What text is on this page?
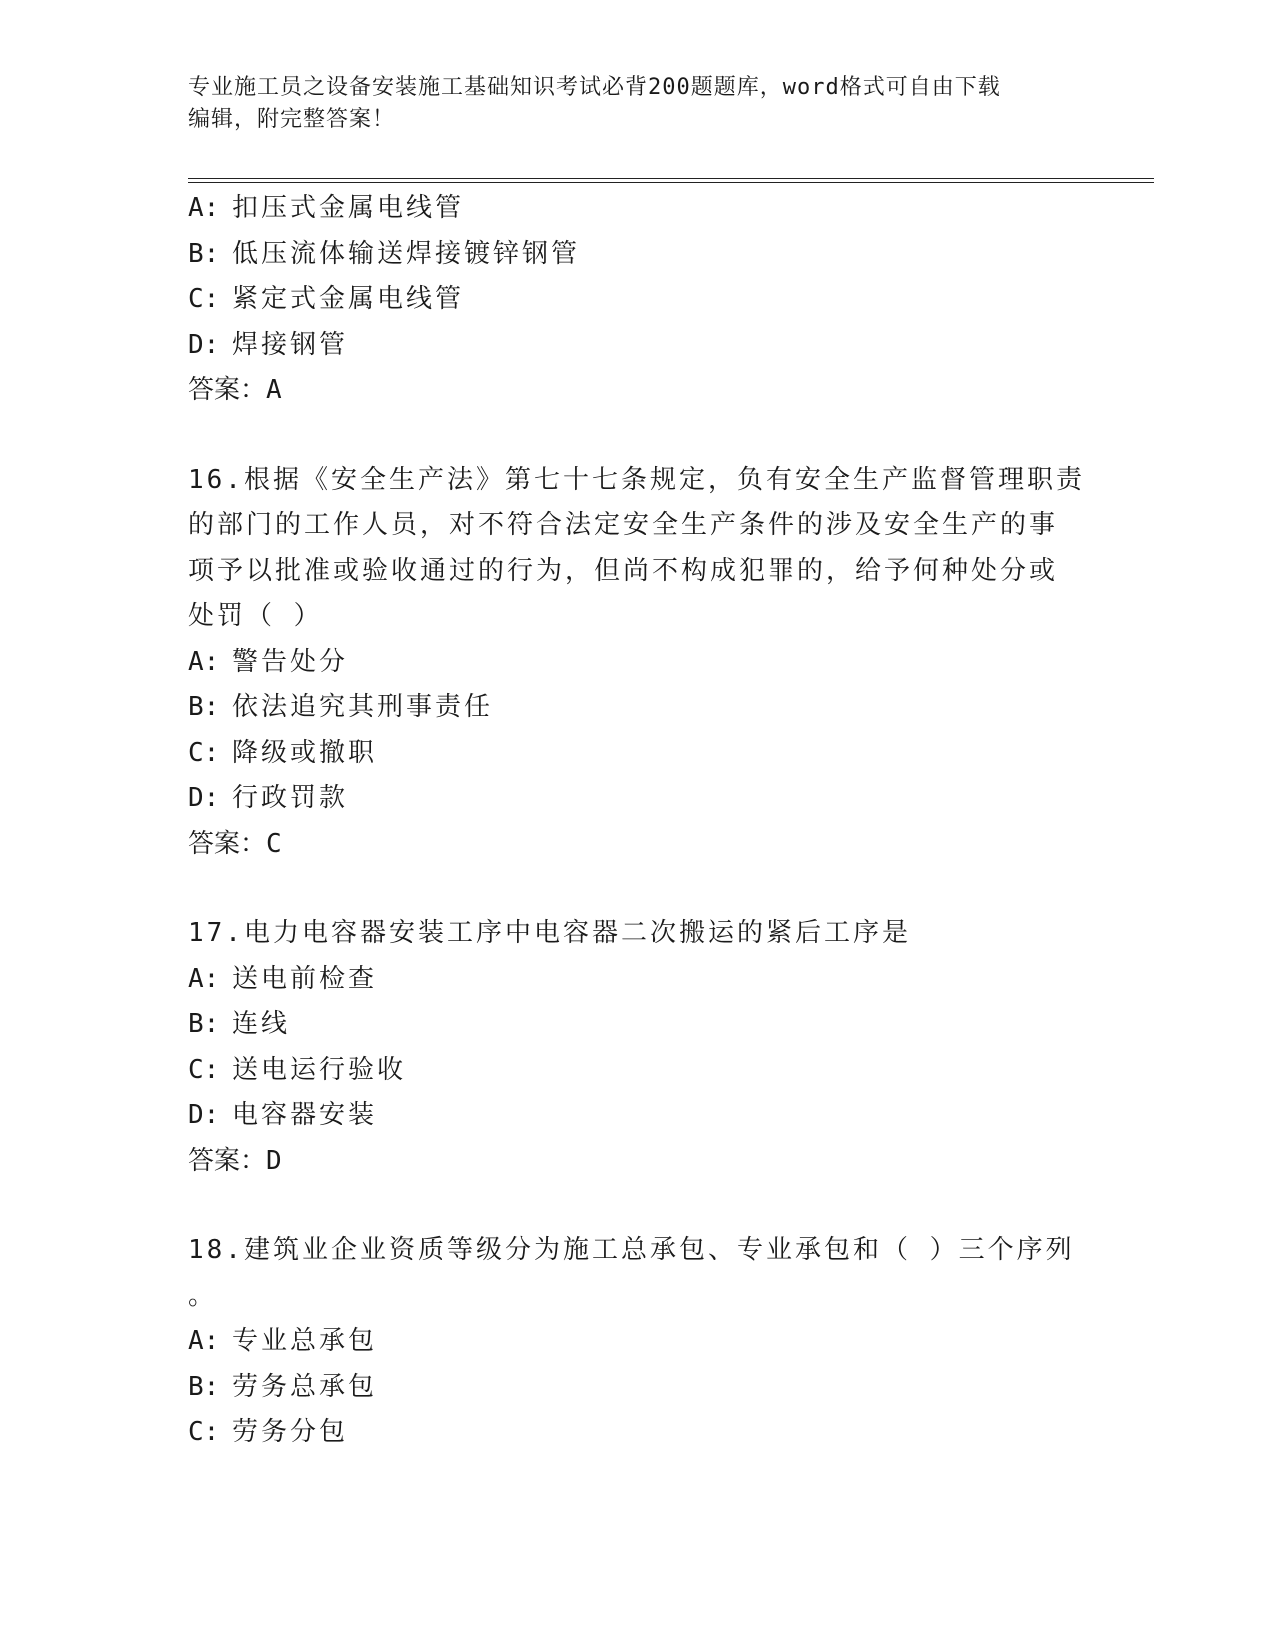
专业施工员之设备安装施工基础知识考试必背200题题库，word格式可自由下载
编辑，附完整答案！
A: 扣压式金属电线管
B: 低压流体输送焊接镀锌钢管
C: 紧定式金属电线管
D: 焊接钢管
答案：A
16.根据《安全生产法》第七十七条规定，负有安全生产监督管理职责
的部门的工作人员，对不符合法定安全生产条件的涉及安全生产的事
项予以批准或验收通过的行为，但尚不构成犯罪的，给予何种处分或
处罚（ ）
A: 警告处分
B: 依法追究其刑事责任
C: 降级或撤职
D: 行政罚款
答案：C
17.电力电容器安装工序中电容器二次搬运的紧后工序是
A: 送电前检查
B: 连线
C: 送电运行验收
D: 电容器安装
答案：D
18.建筑业企业资质等级分为施工总承包、专业承包和（ ）三个序列
。
A: 专业总承包
B: 劳务总承包
C: 劳务分包
